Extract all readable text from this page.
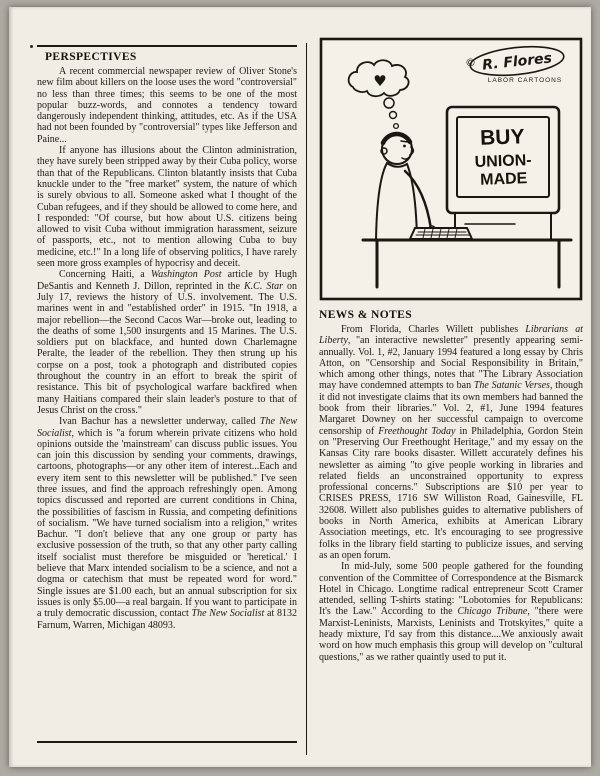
PERSPECTIVES

A recent commercial newspaper review of Oliver Stone's new film about killers on the loose uses the word "controversial" no less than three times; this seems to be one of the most popular buzz-words, and connotes a tendency toward dangerously independent thinking, attitudes, etc. As if the USA had not been founded by "controversial" types like Jefferson and Paine...

If anyone has illusions about the Clinton administration, they have surely been stripped away by their Cuba policy, worse than that of the Republicans. Clinton blatantly insists that Cuba knuckle under to the "free market" system, the nature of which is surely obvious to all. Someone asked what I thought of the Cuban refugees, and if they should be allowed to come here, and I responded: "Of course, but how about U.S. citizens being allowed to visit Cuba without immigration harassment, seizure of passports, etc., not to mention allowing Cuba to buy medicine, etc.!" In a long life of observing politics, I have rarely seen more gross examples of hypocrisy and deceit.

Concerning Haiti, a Washington Post article by Hugh DeSantis and Kenneth J. Dillon, reprinted in the K.C. Star on July 17, reviews the history of U.S. involvement. The U.S. marines went in and "established order" in 1915. "In 1918, a major rebellion—the Second Cacos War—broke out, leading to the deaths of some 1,500 insurgents and 15 Marines. The U.S. soldiers put on blackface, and hunted down Charlemagne Peralte, the leader of the rebellion. They then strung up his corpse on a post, took a photograph and distributed copies throughout the country in an effort to break the spirit of resistance. This bit of psychological warfare backfired when many Haitians compared their slain leader's posture to that of Jesus Christ on the cross."

Ivan Bachur has a newsletter underway, called The New Socialist, which is "a forum wherein private citizens who hold opinions outside the 'mainstream' can discuss public issues. You can join this discussion by sending your comments, drawings, cartoons, photographs—or any other item of interest...Each and every item sent to this newsletter will be published." I've seen three issues, and find the approach refreshingly open. Among topics discussed and reported are current conditions in China, the possibilities of fascism in Russia, and competing definitions of socialism. "We have turned socialism into a religion," writes Bachur. "I don't believe that any one group or party has exclusive possession of the truth, so that any other party calling itself socialist must therefore be misguided or 'heretical.' I believe that Marx intended socialism to be a science, and not a dogma or catechism that must be repeated word for word." Single issues are $1.00 each, but an annual subscription for six issues is only $5.00—a real bargain. If you want to participate in a truly democratic discussion, contact The New Socialist at 8132 Farnum, Warren, Michigan 48093.

© R. Flores
LABOR CARTOONS
♥
BUY
UNION-
MADE
NEWS & NOTES

From Florida, Charles Willett publishes Librarians at Liberty, "an interactive newsletter" presently appearing semi-annually. Vol. 1, #2, January 1994 featured a long essay by Chris Atton, on "Censorship and Social Responsibility in Britain," which among other things, notes that "The Library Association may have condemned attempts to ban The Satanic Verses, though it did not investigate claims that its own members had banned the book from their libraries." Vol. 2, #1, June 1994 features Margaret Downey on her successful campaign to overcome censorship of Freethought Today in Philadelphia, Gordon Stein on "Preserving Our Freethought Heritage," and my essay on the Kansas City rare books disaster. Willett accurately defines his newsletter as aiming "to give people working in libraries and related fields an unconstrained opportunity to express professional concerns." Subscriptions are $10 per year to CRISES PRESS, 1716 SW Williston Road, Gainesville, FL 32608. Willett also publishes guides to alternative publishers of books in North America, exhibits at American Library Association meetings, etc. It's encouraging to see progressive folks in the library field starting to publicize issues, and serving as an open forum.

In mid-July, some 500 people gathered for the founding convention of the Committee of Correspondence at the Bismarck Hotel in Chicago. Longtime radical entrepreneur Scott Cramer attended, selling T-shirts stating: "Lobotomies for Republicans: It's the Law." According to the Chicago Tribune, "there were Marxist-Leninists, Marxists, Leninists and Trotskyites," quite a heady mixture, I'd say from this distance....We anxiously await word on how much emphasis this group will develop on "cultural questions," as we rather quaintly used to put it.
